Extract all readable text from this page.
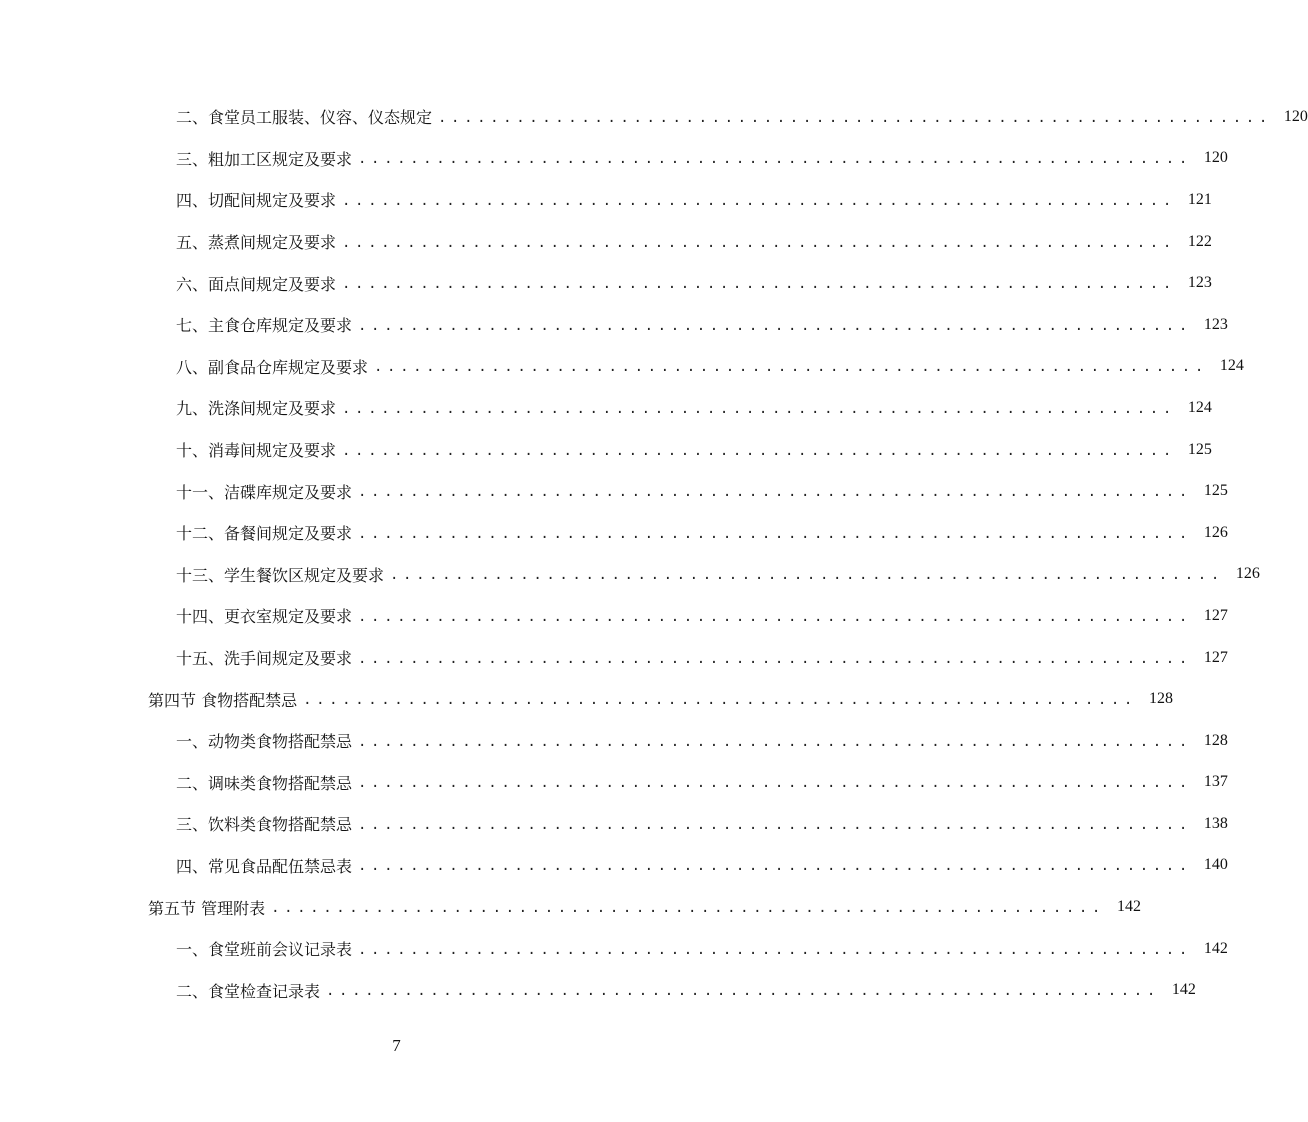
二、食堂员工服装、仪容、仪态规定 ................................................................ 120
三、粗加工区规定及要求 ................................................................ 120
四、切配间规定及要求 ................................................................ 121
五、蒸煮间规定及要求 ................................................................ 122
六、面点间规定及要求 ................................................................ 123
七、主食仓库规定及要求 ................................................................ 123
八、副食品仓库规定及要求 ................................................................ 124
九、洗涤间规定及要求 ................................................................ 124
十、消毒间规定及要求 ................................................................ 125
十一、洁碟库规定及要求 ................................................................ 125
十二、备餐间规定及要求 ................................................................ 126
十三、学生餐饮区规定及要求 ................................................................ 126
十四、更衣室规定及要求 ................................................................ 127
十五、洗手间规定及要求 ................................................................ 127
第四节 食物搭配禁忌 ................................................................ 128
一、动物类食物搭配禁忌 ................................................................ 128
二、调味类食物搭配禁忌 ................................................................ 137
三、饮料类食物搭配禁忌 ................................................................ 138
四、常见食品配伍禁忌表 ................................................................ 140
第五节 管理附表 ................................................................ 142
一、食堂班前会议记录表 ................................................................ 142
二、食堂检查记录表 ................................................................ 142
7
